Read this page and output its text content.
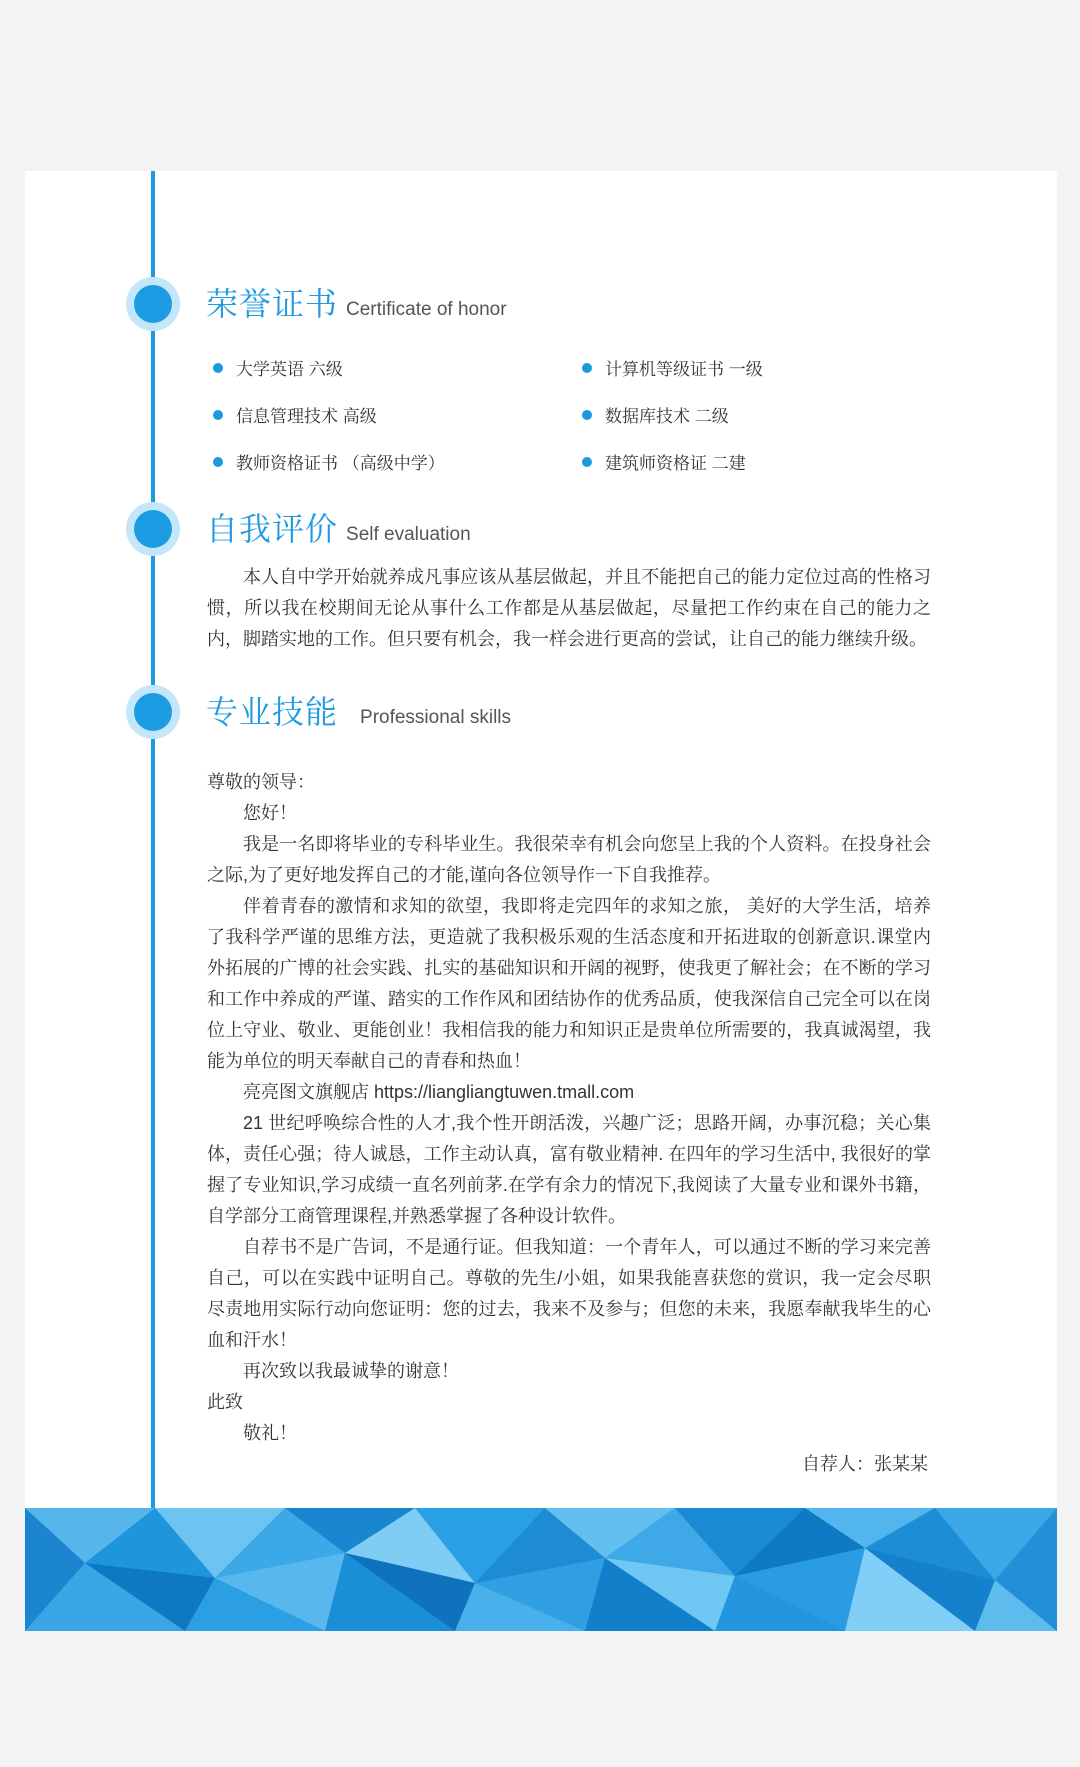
荣誉证书 Certificate of honor
大学英语 六级	计算机等级证书 一级
信息管理技术 高级	数据库技术 二级
教师资格证书 （高级中学）	建筑师资格证 二建
自我评价 Self evaluation

本人自中学开始就养成凡事应该从基层做起，并且不能把自己的能力定位过高的性格习惯，所以我在校期间无论从事什么工作都是从基层做起，尽量把工作约束在自己的能力之内，脚踏实地的工作。但只要有机会，我一样会进行更高的尝试，让自己的能力继续升级。

专业技能 Professional skills

尊敬的领导：

您好！

我是一名即将毕业的专科毕业生。我很荣幸有机会向您呈上我的个人资料。在投身社会之际,为了更好地发挥自己的才能,谨向各位领导作一下自我推荐。

伴着青春的激情和求知的欲望，我即将走完四年的求知之旅， 美好的大学生活，培养了我科学严谨的思维方法，更造就了我积极乐观的生活态度和开拓进取的创新意识.课堂内外拓展的广博的社会实践、扎实的基础知识和开阔的视野，使我更了解社会；在不断的学习和工作中养成的严谨、踏实的工作作风和团结协作的优秀品质，使我深信自己完全可以在岗位上守业、敬业、更能创业！我相信我的能力和知识正是贵单位所需要的，我真诚渴望，我能为单位的明天奉献自己的青春和热血！

亮亮图文旗舰店 https://liangliangtuwen.tmall.com

21 世纪呼唤综合性的人才,我个性开朗活泼，兴趣广泛；思路开阔，办事沉稳；关心集体，责任心强；待人诚恳，工作主动认真，富有敬业精神. 在四年的学习生活中, 我很好的掌握了专业知识,学习成绩一直名列前茅.在学有余力的情况下,我阅读了大量专业和课外书籍，自学部分工商管理课程,并熟悉掌握了各种设计软件。

自荐书不是广告词，不是通行证。但我知道：一个青年人，可以通过不断的学习来完善自己，可以在实践中证明自己。尊敬的先生/小姐，如果我能喜获您的赏识，我一定会尽职尽责地用实际行动向您证明：您的过去，我来不及参与；但您的未来，我愿奉献我毕生的心血和汗水！

再次致以我最诚挚的谢意！

此致

敬礼！

自荐人：张某某
